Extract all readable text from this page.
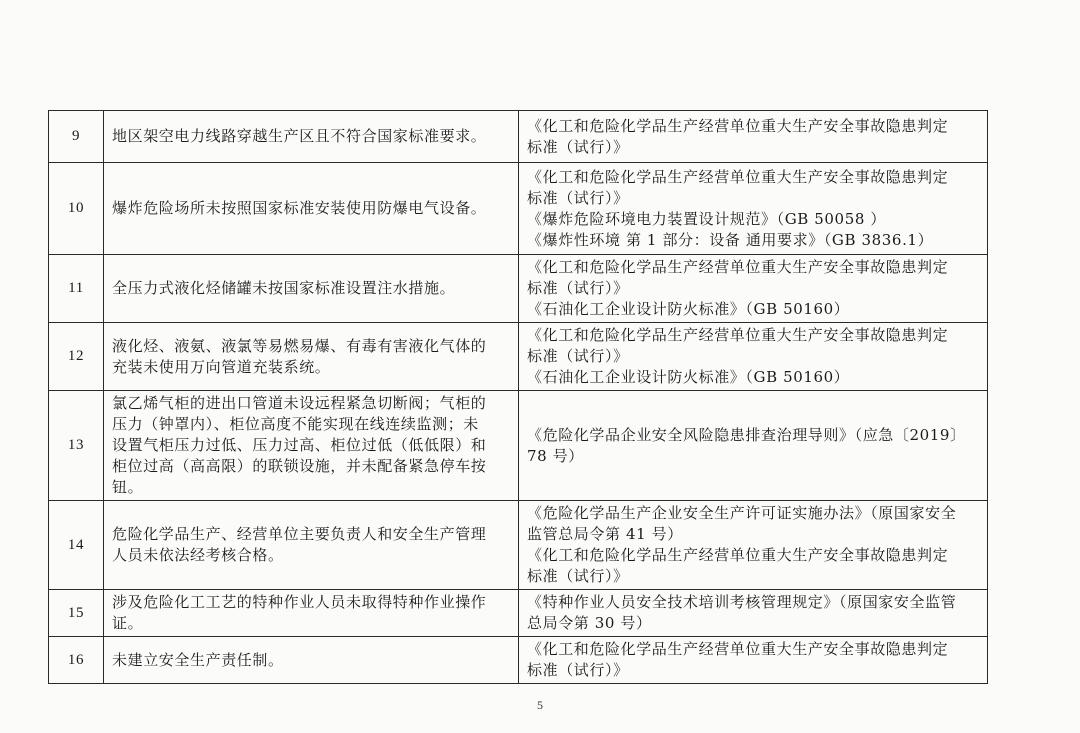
9	地区架空电力线路穿越生产区且不符合国家标准要求。	《化工和危险化学品生产经营单位重大生产安全事故隐患判定
标准（试行）》

10	爆炸危险场所未按照国家标准安装使用防爆电气设备。	《化工和危险化学品生产经营单位重大生产安全事故隐患判定
标准（试行）》
《爆炸危险环境电力装置设计规范》（GB 50058 ）
《爆炸性环境 第 1 部分：设备 通用要求》（GB 3836.1）

11	全压力式液化烃储罐未按国家标准设置注水措施。	《化工和危险化学品生产经营单位重大生产安全事故隐患判定
标准（试行）》
《石油化工企业设计防火标准》（GB 50160）

12	液化烃、液氨、液氯等易燃易爆、有毒有害液化气体的
充装未使用万向管道充装系统。	《化工和危险化学品生产经营单位重大生产安全事故隐患判定
标准（试行）》
《石油化工企业设计防火标准》（GB 50160）

13	氯乙烯气柜的进出口管道未设远程紧急切断阀；气柜的
压力（钟罩内）、柜位高度不能实现在线连续监测；未
设置气柜压力过低、压力过高、柜位过低（低低限）和
柜位过高（高高限）的联锁设施，并未配备紧急停车按
钮。	《危险化学品企业安全风险隐患排查治理导则》（应急〔2019〕
78 号）

14	危险化学品生产、经营单位主要负责人和安全生产管理
人员未依法经考核合格。	《危险化学品生产企业安全生产许可证实施办法》（原国家安全
监管总局令第 41 号）
《化工和危险化学品生产经营单位重大生产安全事故隐患判定
标准（试行）》

15	涉及危险化工工艺的特种作业人员未取得特种作业操作
证。	《特种作业人员安全技术培训考核管理规定》（原国家安全监管
总局令第 30 号）

16	未建立安全生产责任制。	《化工和危险化学品生产经营单位重大生产安全事故隐患判定
标准（试行）》
5
